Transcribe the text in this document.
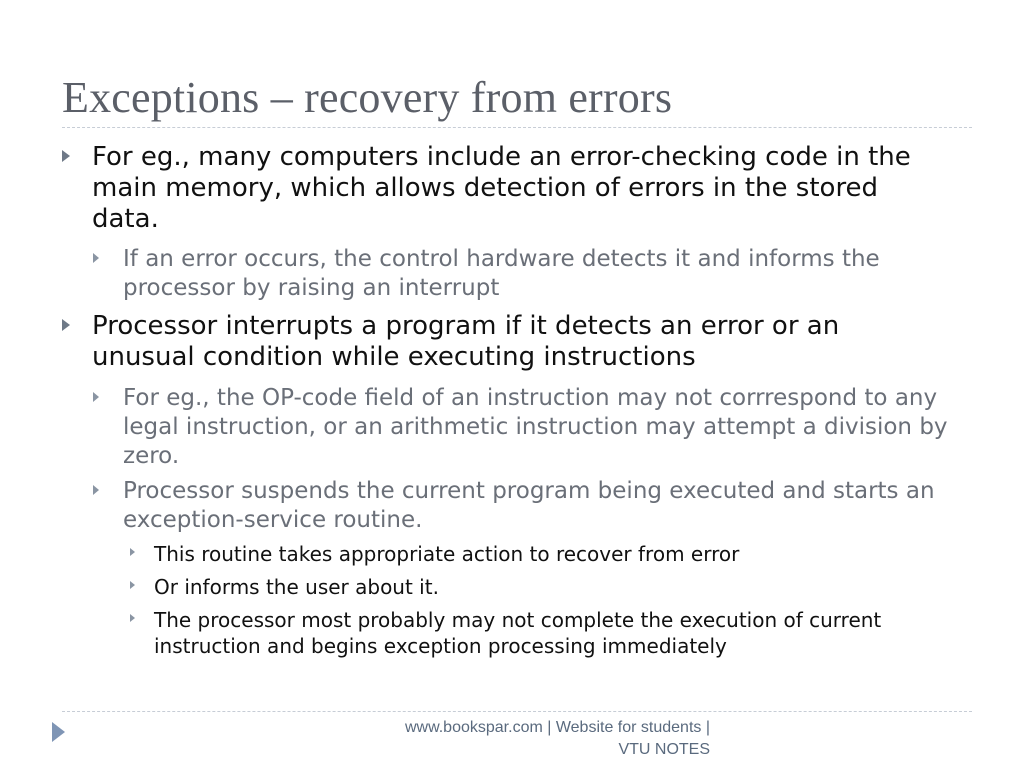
Exceptions – recovery from errors
For eg., many computers include an error-checking code in the main memory, which allows detection of errors in the stored data.
If an error occurs, the control hardware detects it and informs the processor by raising an interrupt
Processor interrupts a program if it detects an error or an unusual condition while executing instructions
For eg., the OP-code field of an instruction may not corrrespond to any legal instruction, or an arithmetic instruction may attempt a division by zero.
Processor suspends the current program being executed and starts an exception-service routine.
This routine takes appropriate action to recover from error
Or informs the user about it.
The processor most probably may not complete the execution of current instruction and begins exception processing immediately
www.bookspar.com | Website for students |
VTU NOTES
